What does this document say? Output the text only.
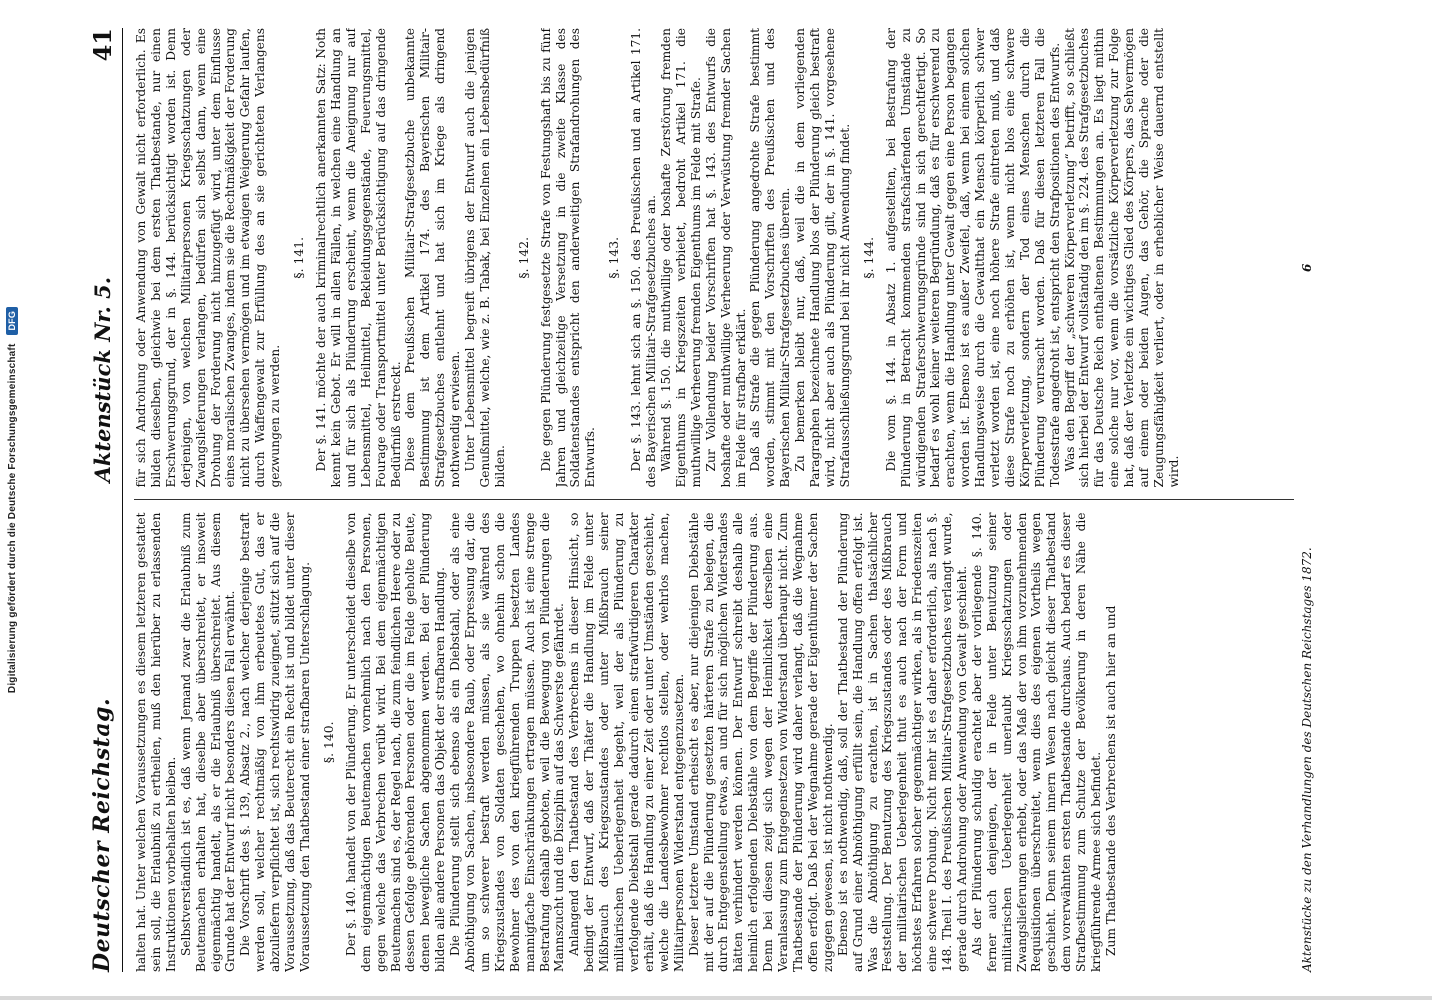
Digitalisierung gefördert durch die Deutsche Forschungsgemeinschaft DFG
Deutscher Reichstag.
Aktenstück Nr. 5.
41

halten hat. Unter welchen Voraussetzungen es diesem letzteren gestattet sein soll, die Erlaubniß zu ertheilen, muß den hierüber zu erlassenden Instruktionen vorbehalten bleiben. Selbstverständlich ist es, daß wenn Jemand zwar die Erlaubniß zum Beutemachen erhalten hat, dieselbe aber überschreitet, er insoweit eigenmächtig handelt, als er die Erlaubniß überschreitet. Aus diesem Grunde hat der Entwurf nicht besonders diesen Fall erwähnt. Die Vorschrift des §. 139, Absatz 2., nach welcher derjenige bestraft werden soll, welcher rechtmäßig von ihm erbeutetes Gut, das er abzuliefern verpflichtet ist, sich rechtswidrig zueignet, stützt sich auf die Voraussetzung, daß das Beuterecht ein Recht ist und bildet unter dieser Voraussetzung den Thatbestand einer strafbaren Unterschlagung. §. 140. Der §. 140. handelt von der Plünderung. Er unterscheidet dieselbe von dem eigenmächtigen Beutemachen vornehmlich nach den Personen, gegen welche das Verbrechen verübt wird. Bei dem eigenmächtigen Beutemachen sind es, der Regel nach, die zum feindlichen Heere oder zu dessen Gefolge gehörenden Personen oder die im Felde geholte Beute, denen bewegliche Sachen abgenommen werden. Bei der Plünderung bilden alle andere Personen das Objekt der strafbaren Handlung. Die Plünderung stellt sich ebenso als ein Diebstahl, oder als eine Abnöthigung von Sachen, insbesondere Raub, oder Erpressung dar, die um so schwerer bestraft werden müssen, als sie während des Kriegszustandes von Soldaten geschehen, wo ohnehin schon die Bewohner des von den kriegführenden Truppen besetzten Landes mannigfache Einschränkungen ertragen müssen. Auch ist eine strenge Bestrafung deshalb geboten, weil die Bewegung von Plünderungen die Mannszucht und die Disziplin auf das Schwerste gefährdet. Anlangend den Thatbestand des Verbrechens in dieser Hinsicht, so bedingt der Entwurf, daß der Thäter die Handlung im Felde unter Mißbrauch des Kriegszustandes oder unter Mißbrauch seiner militairischen Ueberlegenheit begeht, weil der als Plünderung zu verfolgende Diebstahl gerade dadurch einen strafwürdigeren Charakter erhält, daß die Handlung zu einer Zeit oder unter Umständen geschieht, welche die Landesbewohner rechtlos stellen, oder wehrlos machen, Militairpersonen Widerstand entgegenzusetzen. Dieser letztere Umstand erheischt es aber, nur diejenigen Diebstähle mit der auf die Plünderung gesetzten härteren Strafe zu belegen, die durch Entgegenstellung etwas, an und für sich möglichen Widerstandes hätten verhindert werden können. Der Entwurf schreibt deshalb alle heimlich erfolgenden Diebstähle von dem Begriffe der Plünderung aus. Denn bei diesen zeigt sich wegen der Heimlichkeit derselben eine Veranlassung zum Entgegensetzen von Widerstand überhaupt nicht. Zum Thatbestande der Plünderung wird daher verlangt, daß die Wegnahme offen erfolgt. Daß bei der Wegnahme gerade der Eigenthümer der Sachen zugegen gewesen, ist nicht nothwendig. Ebenso ist es nothwendig, daß, soll der Thatbestand der Plünderung auf Grund einer Abnöthigung erfüllt sein, die Handlung offen erfolgt ist. Was die Abnöthigung zu erachten, ist in Sachen thatsächlicher Feststellung. Der Benutzung des Kriegszustandes oder des Mißbrauch der militairischen Ueberlegenheit thut es auch nach der Form und höchstes Erfahren solcher gegenmächtiger wirken, als in Friedenszeiten eine schwere Drohung. Nicht mehr ist es daher erforderlich, als nach §. 148. Theil I. des Preußischen Militair-Strafgesetzbuches verlangt wurde, gerade durch Androhung oder Anwendung von Gewalt geschieht. Als der Plünderung schuldig erachtet aber der vorliegende §. 140. ferner auch denjenigen, der in Felde unter Benutzung seiner militairischen Ueberlegenheit unerlaubt Kriegsschatzungen oder Zwangslieferungen erhebt, oder das Maß der von ihm vorzunehmenden Requisitionen überschreitet, wenn dies des eigenen Vortheils wegen geschieht. Denn seinem innern Wesen nach gleicht dieser Thatbestand dem vorerwähnten ersten Thatbestande durchaus. Auch bedarf es dieser Strafbestimmung zum Schutze der Bevölkerung in deren Nähe die kriegführende Armee sich befindet. Zum Thatbestande des Verbrechens ist auch hier an und

für sich Androhung oder Anwendung von Gewalt nicht erforderlich. Es bilden dieselben, gleichwie bei dem ersten Thatbestande, nur einen Erschwerungsgrund, der in §. 144. berücksichtigt worden ist. Denn derjenigen, von welchen Militairpersonen Kriegsschatzungen oder Zwangslieferungen verlangen, bedürfen sich selbst dann, wenn eine Drohung der Forderung nicht hinzugefügt wird, unter dem Einflusse eines moralischen Zwanges, indem sie die Rechtmäßigkeit der Forderung nicht zu übersehen vermögen und im etwaigen Weigerung Gefahr laufen, durch Waffengewalt zur Erfüllung des an sie gerichteten Verlangens gezwungen zu werden.

§. 141. Der §. 141. möchte der auch kriminalrechtlich anerkannten Satz: Noth kennt kein Gebot. Er will in allen Fällen, in welchen eine Handlung an und für sich als Plünderung erscheint, wenn die Aneignung nur auf Lebensmittel, Heilmittel, Bekleidungsgegenstände, Feuerungsmittel, Fourage oder Transportmittel unter Berücksichtigung auf das dringende Bedürfniß erstreckt. Diese dem Preußischen Militair-Strafgesetzbuche unbekannte Bestimmung ist dem Artikel 174. des Bayerischen Militair-Strafgesetzbuches entlehnt und hat sich im Kriege als dringend nothwendig erwiesen. Unter Lebensmittel begreift übrigens der Entwurf auch die jenigen Genußmittel, welche, wie z. B. Tabak, bei Einzelnen ein Lebensbedürfniß bilden.

§. 142. Die gegen Plünderung festgesetzte Strafe von Festungshaft bis zu fünf Jahren und gleichzeitige Versetzung in die zweite Klasse des Soldatenstandes entspricht den anderweitigen Strafandrohungen des Entwurfs.

§. 143. Der §. 143. lehnt sich an §. 150. des Preußischen und an Artikel 171. des Bayerischen Militair-Strafgesetzbuches an. Während §. 150. die muthwillige oder boshafte Zerstörung fremden Eigenthums in Kriegszeiten verbietet, bedroht Artikel 171. die muthwillige Verheerung fremden Eigenthums im Felde mit Strafe. Zur Vollendung beider Vorschriften hat §. 143. des Entwurfs die boshafte oder muthwillige Verheerung oder Verwüstung fremder Sachen im Felde für strafbar erklärt. Daß als Strafe die gegen Plünderung angedrohte Strafe bestimmt worden, stimmt mit den Vorschriften des Preußischen und des Bayerischen Militair-Strafgesetzbuches überein. Zu bemerken bleibt nur, daß, weil die in dem vorliegenden Paragraphen bezeichnete Handlung blos der Plünderung gleich bestraft wird, nicht aber auch als Plünderung gilt, der in §. 141. vorgesehene Strafausschließungsgrund bei ihr nicht Anwendung findet. §. 144. Die vom §. 144. in Absatz 1. aufgestellten, bei Bestrafung der Plünderung in Betracht kommenden strafschärfenden Umstände zu würdigenden Straferschwerungsgründe sind in sich gerechtfertigt. So bedarf es wohl keiner weiteren Begründung, daß es für erschwerend zu erachten, wenn die Handlung unter Gewalt gegen eine Person begangen worden ist. Ebenso ist es außer Zweifel, daß, wenn bei einem solchen Handlungsweise durch die Gewaltthat ein Mensch körperlich schwer verletzt worden ist, eine noch höhere Strafe eintreten muß, und daß diese Strafe noch zu erhöhen ist, wenn nicht blos eine schwere Körperverletzung, sondern der Tod eines Menschen durch die Plünderung verursacht worden. Daß für diesen letzteren Fall die Todesstrafe angedroht ist, entspricht den Strafpositionen des Entwurfs. Was den Begriff der „schweren Körperverletzung“ betrifft, so schließt sich hierbei der Entwurf vollständig den im §. 224. des Strafgesetzbuches für das Deutsche Reich enthaltenen Bestimmungen an. Es liegt mithin eine solche nur vor, wenn die vorsätzliche Körperverletzung zur Folge hat, daß der Verletzte ein wichtiges Glied des Körpers, das Sehvermögen auf einem oder beiden Augen, das Gehör, die Sprache oder die Zeugungsfähigkeit verliert, oder in erheblicher Weise dauernd entstellt wird.

Aktenstücke zu den Verhandlungen des Deutschen Reichstages 1872.
6
